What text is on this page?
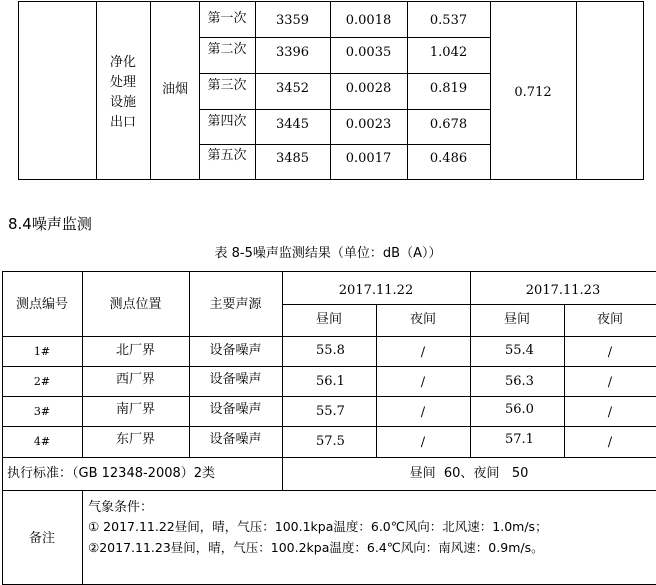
净化
处理
设施
出口
油烟
第一次	3359	0.0018	0.537
第二次	3396	0.0035	1.042
第三次	3452	0.0028	0.819
第四次	3445	0.0023	0.678
第五次	3485	0.0017	0.486
0.712
8.4噪声监测
表 8-5噪声监测结果（单位：dB（A））
测点编号	测点位置	主要声源
2017.11.22	2017.11.23
昼间	夜间	昼间	夜间
1#	北厂界	设备噪声	55.8	/	55.4	/
2#	西厂界	设备噪声	56.1	/	56.3	/
3#	南厂界	设备噪声	55.7	/	56.0	/
4#	东厂界	设备噪声	57.5	/	57.1	/
执行标准：（GB 12348-2008）2类	昼间  60、夜间   50
备注
气象条件：
① 2017.11.22昼间，晴，气压：100.1kpa温度：6.0℃风向：北风速：1.0m/s；
②2017.11.23昼间，晴，气压：100.2kpa温度：6.4℃风向：南风速：0.9m/s。
